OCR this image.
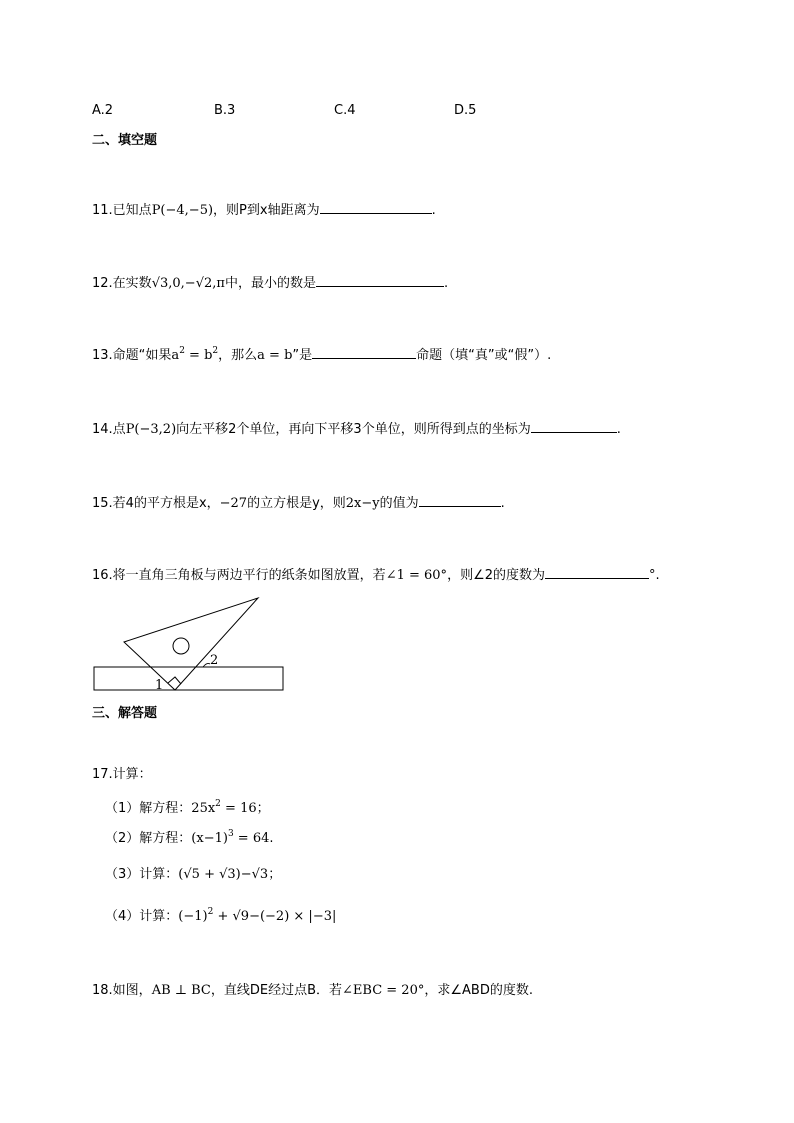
A.2	B.3	C.4	D.5
二、填空题
11.已知点P(−4,−5)，则P到x轴距离为	.
12.在实数√3,0,−√2,π中，最小的数是	.
13.命题“如果$a^2 = b^2$，那么a = b”是	命题（填“真”或“假”）.
14.点P(−3,2)向左平移2个单位，再向下平移3个单位，则所得到点的坐标为	.
15.若4的平方根是x，−27的立方根是y，则2x−y的值为	.
16.将一直角三角板与两边平行的纸条如图放置，若∠1 = 60°，则∠2的度数为	°.
1
2
三、解答题
17.计算：
（1）解方程：$25x^2 = 16$；
（2）解方程：$(x-1)^3 = 64$.
（3）计算：(√5 + √3)−√3；
（4）计算：$(-1)^2 + √9-(-2) \times |-3|$
18.如图，AB ⊥ BC，直线DE经过点B．若∠EBC = 20°，求∠ABD的度数.
